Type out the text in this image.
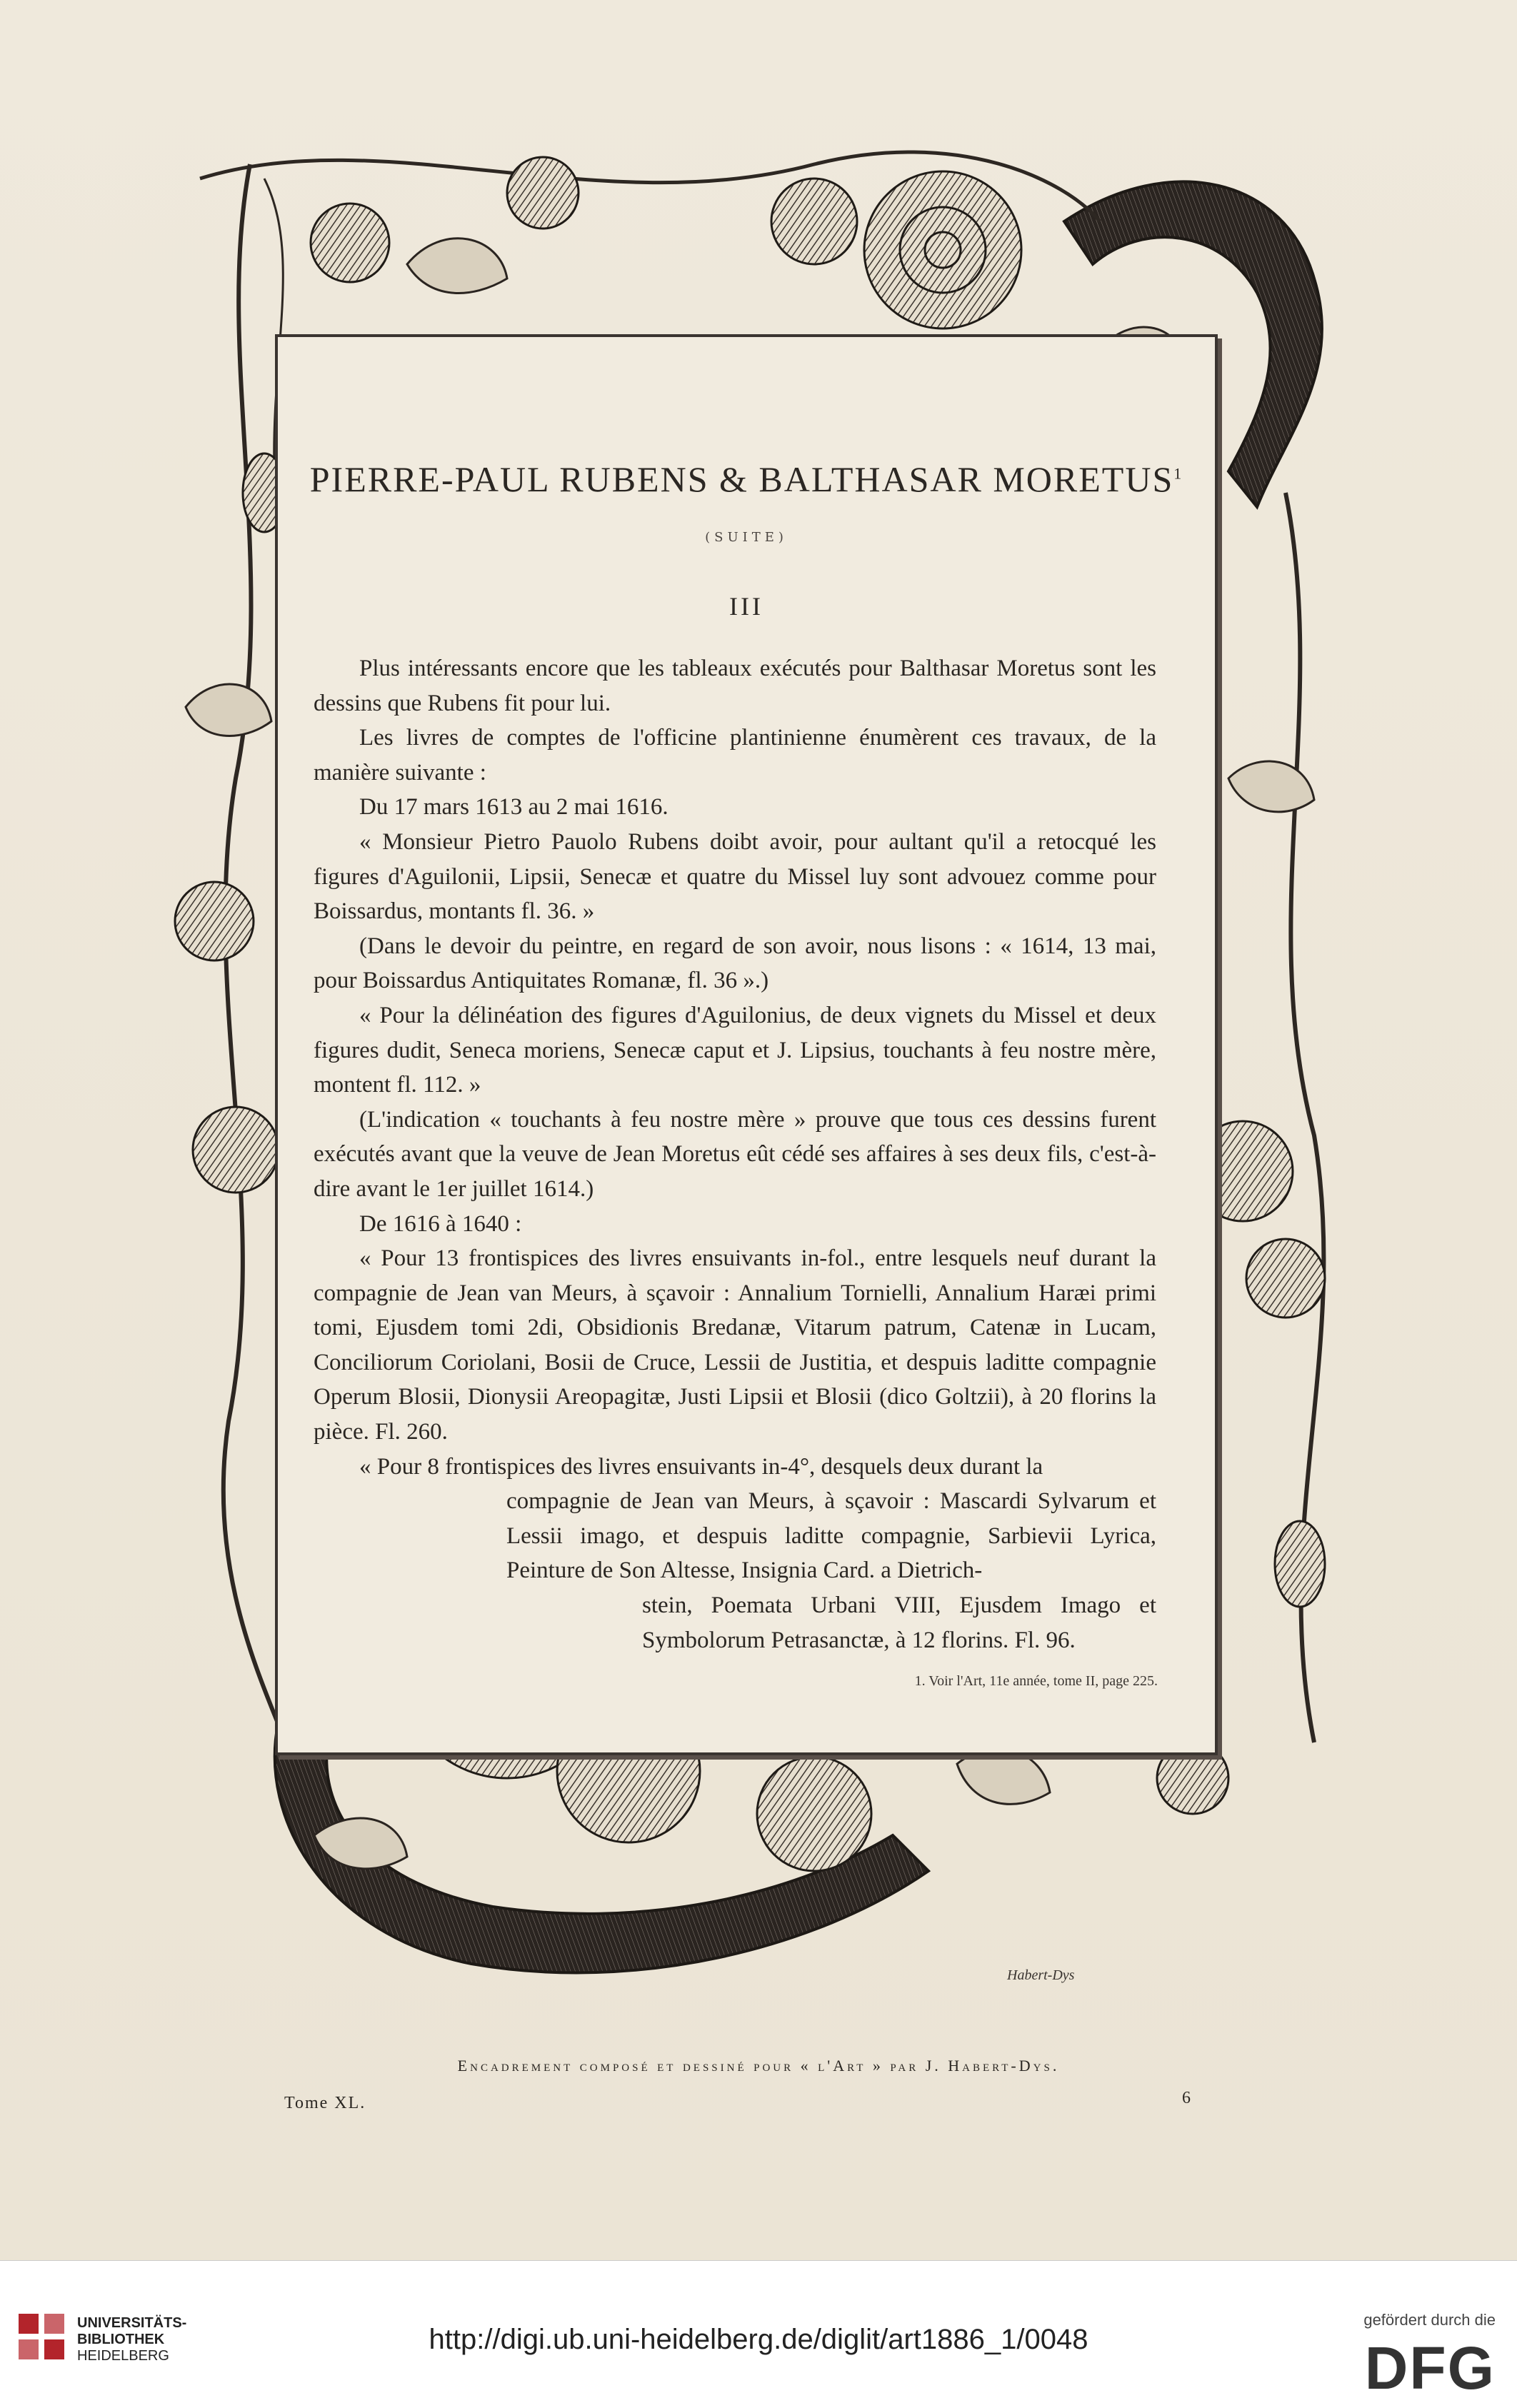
PIERRE-PAUL RUBENS & BALTHASAR MORETUS$^1$
(SUITE)
III

Plus intéressants encore que les tableaux exécutés pour Balthasar Moretus sont les dessins que Rubens fit pour lui.

Les livres de comptes de l'officine plantinienne énumèrent ces travaux, de la manière suivante :

Du 17 mars 1613 au 2 mai 1616.

« Monsieur Pietro Pauolo Rubens doibt avoir, pour aultant qu'il a retocqué les figures d'Aguilonii, Lipsii, Senecæ et quatre du Missel luy sont advouez comme pour Boissardus, montants fl. 36. »

(Dans le devoir du peintre, en regard de son avoir, nous lisons : « 1614, 13 mai, pour Boissardus Antiquitates Romanæ, fl. 36 ».)

« Pour la délinéation des figures d'Aguilonius, de deux vignets du Missel et deux figures dudit, Seneca moriens, Senecæ caput et J. Lipsius, touchants à feu nostre mère, montent fl. 112. »

(L'indication « touchants à feu nostre mère » prouve que tous ces dessins furent exécutés avant que la veuve de Jean Moretus eût cédé ses affaires à ses deux fils, c'est-à-dire avant le 1er juillet 1614.)

De 1616 à 1640 :

« Pour 13 frontispices des livres ensuivants in-fol., entre lesquels neuf durant la compagnie de Jean van Meurs, à sçavoir : Annalium Tornielli, Annalium Haræi primi tomi, Ejusdem tomi 2di, Obsidionis Bredanæ, Vitarum patrum, Catenæ in Lucam, Conciliorum Coriolani, Bosii de Cruce, Lessii de Justitia, et despuis laditte compagnie Operum Blosii, Dionysii Areopagitæ, Justi Lipsii et Blosii (dico Goltzii), à 20 florins la pièce. Fl. 260.

« Pour 8 frontispices des livres ensuivants in-4°, desquels deux durant la

compagnie de Jean van Meurs, à sçavoir : Mascardi Sylvarum et Lessii imago, et despuis laditte compagnie, Sarbievii Lyrica, Peinture de Son Altesse, Insignia Card. a Dietrich-

stein, Poemata Urbani VIII, Ejusdem Imago et Symbolorum Petrasanctæ, à 12 florins. Fl. 96.

1. Voir l'Art, 11e année, tome II, page 225.
Habert-Dys
Encadrement composé et dessiné pour « l'Art » par J. Habert-Dys.
Tome XL.	6
UNIVERSITÄTS-
BIBLIOTHEK
HEIDELBERG
http://digi.ub.uni-heidelberg.de/diglit/art1886_1/0048
gefördert durch die
DFG
